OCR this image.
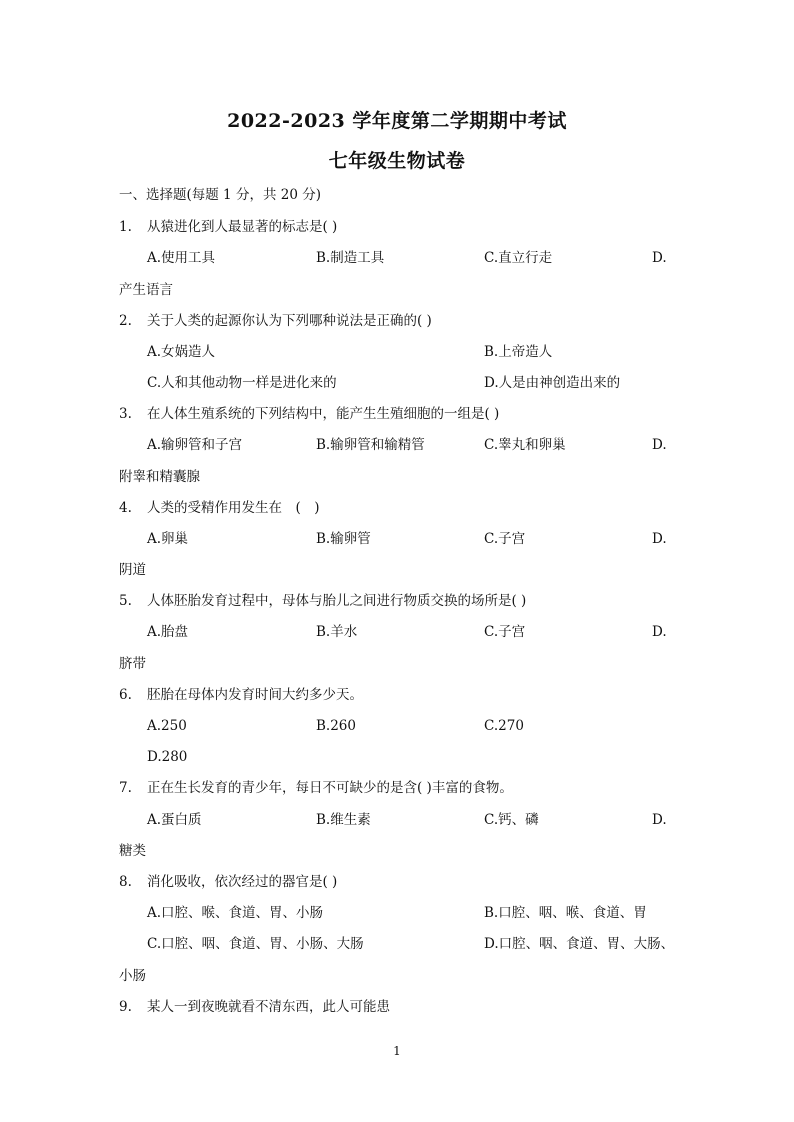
2022-2023 学年度第二学期期中考试
七年级生物试卷
一、选择题(每题 1 分，共 20 分)
1. 从猿进化到人最显著的标志是( )
A.使用工具	B.制造工具	C.直立行走	D.
产生语言
2. 关于人类的起源你认为下列哪种说法是正确的( )
A.女娲造人	B.上帝造人
C.人和其他动物一样是进化来的	D.人是由神创造出来的
3. 在人体生殖系统的下列结构中，能产生生殖细胞的一组是( )
A.输卵管和子宫	B.输卵管和输精管	C.睾丸和卵巢	D.
附睾和精囊腺
4. 人类的受精作用发生在　(　)
A.卵巢	B.输卵管	C.子宫	D.
阴道
5. 人体胚胎发育过程中，母体与胎儿之间进行物质交换的场所是( )
A.胎盘	B.羊水	C.子宫	D.
脐带
6. 胚胎在母体内发育时间大约多少天。
A.250	B.260	C.270
D.280
7. 正在生长发育的青少年，每日不可缺少的是含( )丰富的食物。
A.蛋白质	B.维生素	C.钙、磷	D.
糖类
8. 消化吸收，依次经过的器官是( )
A.口腔、喉、食道、胃、小肠	B.口腔、咽、喉、食道、胃
C.口腔、咽、食道、胃、小肠、大肠	D.口腔、咽、食道、胃、大肠、
小肠
9. 某人一到夜晚就看不清东西，此人可能患
1
